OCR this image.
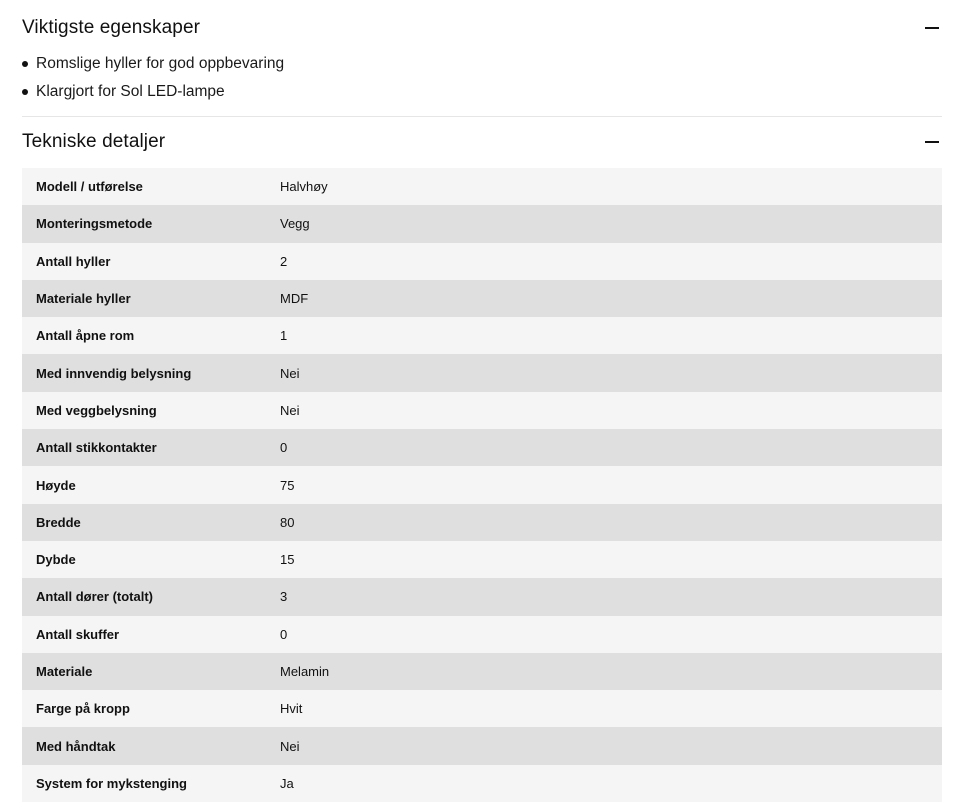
Viktigste egenskaper
Romslige hyller for god oppbevaring
Klargjort for Sol LED-lampe
Tekniske detaljer
Modell / utførelse	Halvhøy
Monteringsmetode	Vegg
Antall hyller	2
Materiale hyller	MDF
Antall åpne rom	1
Med innvendig belysning	Nei
Med veggbelysning	Nei
Antall stikkontakter	0
Høyde	75
Bredde	80
Dybde	15
Antall dører (totalt)	3
Antall skuffer	0
Materiale	Melamin
Farge på kropp	Hvit
Med håndtak	Nei
System for mykstenging	Ja
